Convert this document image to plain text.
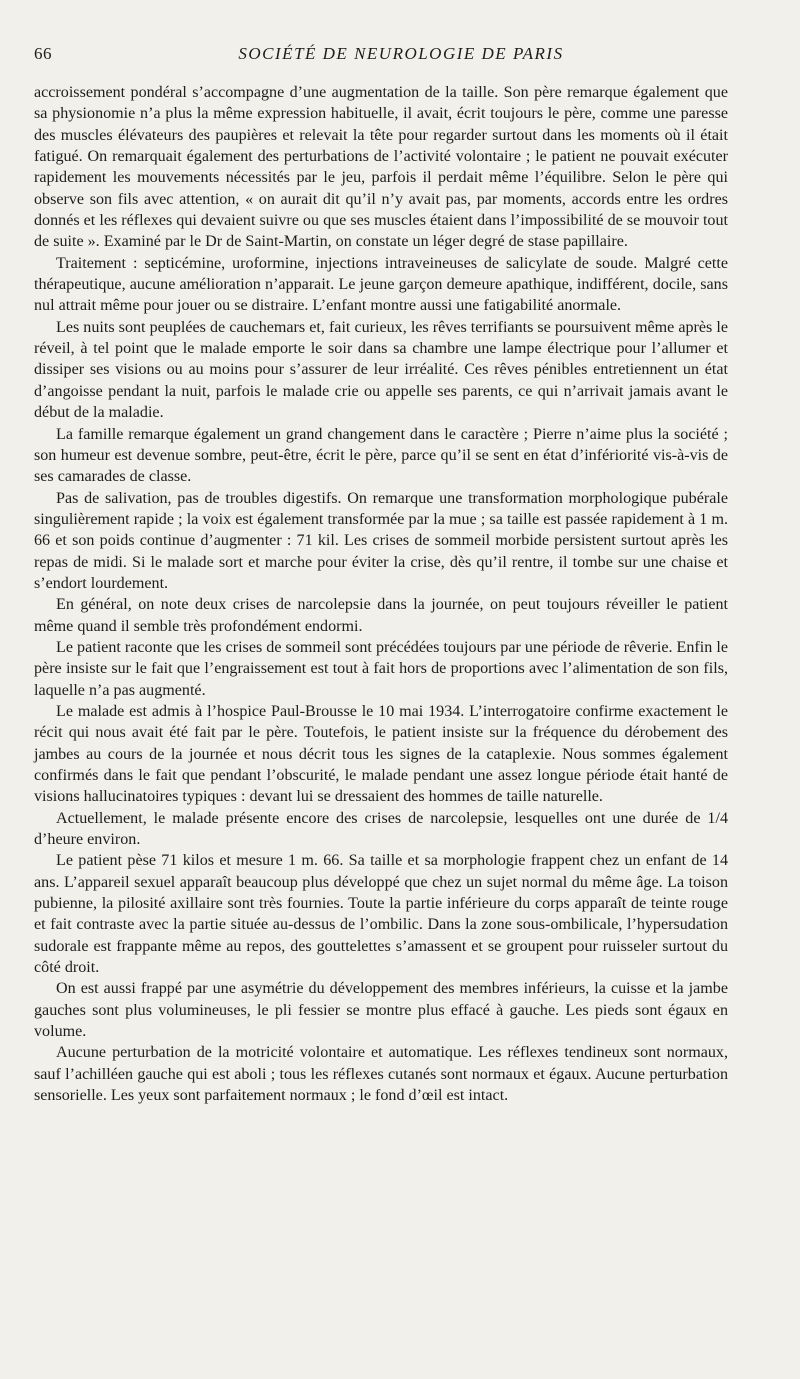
66	SOCIÉTÉ DE NEUROLOGIE DE PARIS

accroissement pondéral s’accompagne d’une augmentation de la taille. Son père remarque également que sa physionomie n’a plus la même expression habituelle, il avait, écrit toujours le père, comme une paresse des muscles élévateurs des paupières et relevait la tête pour regarder surtout dans les moments où il était fatigué. On remarquait également des perturbations de l’activité volontaire ; le patient ne pouvait exécuter rapidement les mouvements nécessités par le jeu, parfois il perdait même l’équilibre. Selon le père qui observe son fils avec attention, « on aurait dit qu’il n’y avait pas, par moments, accords entre les ordres donnés et les réflexes qui devaient suivre ou que ses muscles étaient dans l’impossibilité de se mouvoir tout de suite ». Examiné par le Dr de Saint-Martin, on constate un léger degré de stase papillaire.

Traitement : septicémine, uroformine, injections intraveineuses de salicylate de soude. Malgré cette thérapeutique, aucune amélioration n’apparait. Le jeune garçon demeure apathique, indifférent, docile, sans nul attrait même pour jouer ou se distraire. L’enfant montre aussi une fatigabilité anormale.

Les nuits sont peuplées de cauchemars et, fait curieux, les rêves terrifiants se poursuivent même après le réveil, à tel point que le malade emporte le soir dans sa chambre une lampe électrique pour l’allumer et dissiper ses visions ou au moins pour s’assurer de leur irréalité. Ces rêves pénibles entretiennent un état d’angoisse pendant la nuit, parfois le malade crie ou appelle ses parents, ce qui n’arrivait jamais avant le début de la maladie.

La famille remarque également un grand changement dans le caractère ; Pierre n’aime plus la société ; son humeur est devenue sombre, peut-être, écrit le père, parce qu’il se sent en état d’infériorité vis-à-vis de ses camarades de classe.

Pas de salivation, pas de troubles digestifs. On remarque une transformation morphologique pubérale singulièrement rapide ; la voix est également transformée par la mue ; sa taille est passée rapidement à 1 m. 66 et son poids continue d’augmenter : 71 kil. Les crises de sommeil morbide persistent surtout après les repas de midi. Si le malade sort et marche pour éviter la crise, dès qu’il rentre, il tombe sur une chaise et s’endort lourdement.

En général, on note deux crises de narcolepsie dans la journée, on peut toujours réveiller le patient même quand il semble très profondément endormi.

Le patient raconte que les crises de sommeil sont précédées toujours par une période de rêverie. Enfin le père insiste sur le fait que l’engraissement est tout à fait hors de proportions avec l’alimentation de son fils, laquelle n’a pas augmenté.

Le malade est admis à l’hospice Paul-Brousse le 10 mai 1934. L’interrogatoire confirme exactement le récit qui nous avait été fait par le père. Toutefois, le patient insiste sur la fréquence du dérobement des jambes au cours de la journée et nous décrit tous les signes de la cataplexie. Nous sommes également confirmés dans le fait que pendant l’obscurité, le malade pendant une assez longue période était hanté de visions hallucinatoires typiques : devant lui se dressaient des hommes de taille naturelle.

Actuellement, le malade présente encore des crises de narcolepsie, lesquelles ont une durée de 1/4 d’heure environ.

Le patient pèse 71 kilos et mesure 1 m. 66. Sa taille et sa morphologie frappent chez un enfant de 14 ans. L’appareil sexuel apparaît beaucoup plus développé que chez un sujet normal du même âge. La toison pubienne, la pilosité axillaire sont très fournies. Toute la partie inférieure du corps apparaît de teinte rouge et fait contraste avec la partie située au-dessus de l’ombilic. Dans la zone sous-ombilicale, l’hypersudation sudorale est frappante même au repos, des gouttelettes s’amassent et se groupent pour ruisseler surtout du côté droit.

On est aussi frappé par une asymétrie du développement des membres inférieurs, la cuisse et la jambe gauches sont plus volumineuses, le pli fessier se montre plus effacé à gauche. Les pieds sont égaux en volume.

Aucune perturbation de la motricité volontaire et automatique. Les réflexes tendineux sont normaux, sauf l’achilléen gauche qui est aboli ; tous les réflexes cutanés sont normaux et égaux. Aucune perturbation sensorielle. Les yeux sont parfaitement normaux ; le fond d’œil est intact.
